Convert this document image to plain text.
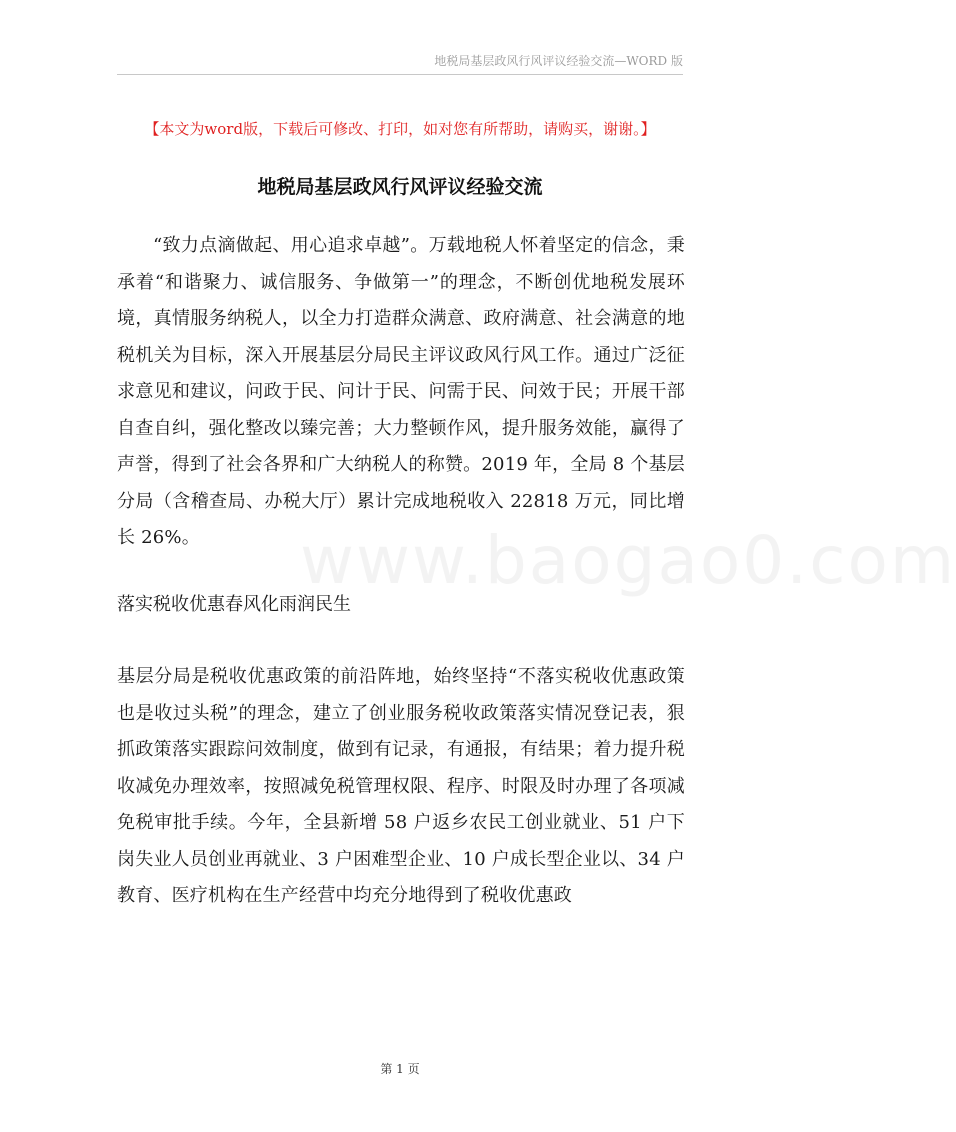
地税局基层政风行风评议经验交流—WORD 版
【本文为word版，下载后可修改、打印，如对您有所帮助，请购买，谢谢。】
地税局基层政风行风评议经验交流
www.baogao0.com

“致力点滴做起、用心追求卓越”。万载地税人怀着坚定的信念，秉承着“和谐聚力、诚信服务、争做第一”的理念，不断创优地税发展环境，真情服务纳税人，以全力打造群众满意、政府满意、社会满意的地税机关为目标，深入开展基层分局民主评议政风行风工作。通过广泛征求意见和建议，问政于民、问计于民、问需于民、问效于民；开展干部自查自纠，强化整改以臻完善；大力整顿作风，提升服务效能，赢得了声誉，得到了社会各界和广大纳税人的称赞。2019 年，全局 8 个基层分局（含稽查局、办税大厅）累计完成地税收入 22818 万元，同比增长 26%。

落实税收优惠春风化雨润民生

基层分局是税收优惠政策的前沿阵地，始终坚持“不落实税收优惠政策也是收过头税”的理念，建立了创业服务税收政策落实情况登记表，狠抓政策落实跟踪问效制度，做到有记录，有通报，有结果；着力提升税收减免办理效率，按照减免税管理权限、程序、时限及时办理了各项减免税审批手续。今年，全县新增 58 户返乡农民工创业就业、51 户下岗失业人员创业再就业、3 户困难型企业、10 户成长型企业以、34 户教育、医疗机构在生产经营中均充分地得到了税收优惠政

第 1 页
